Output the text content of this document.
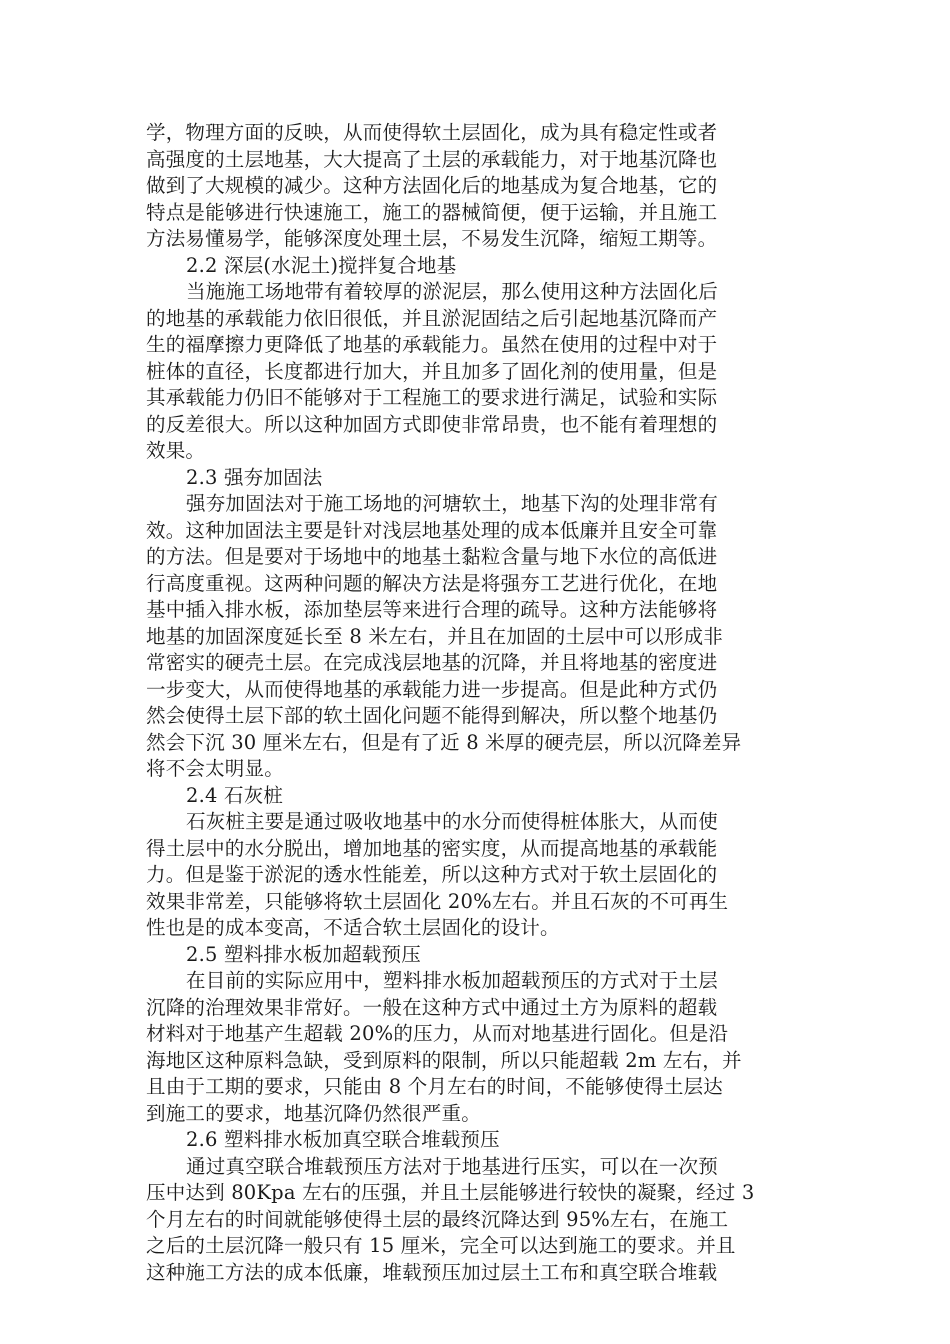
学，物理方面的反映，从而使得软土层固化，成为具有稳定性或者
高强度的土层地基，大大提高了土层的承载能力，对于地基沉降也
做到了大规模的减少。这种方法固化后的地基成为复合地基，它的
特点是能够进行快速施工，施工的器械简便，便于运输，并且施工
方法易懂易学，能够深度处理土层，不易发生沉降，缩短工期等。
2.2 深层(水泥土)搅拌复合地基
当施施工场地带有着较厚的淤泥层，那么使用这种方法固化后
的地基的承载能力依旧很低，并且淤泥固结之后引起地基沉降而产
生的福摩擦力更降低了地基的承载能力。虽然在使用的过程中对于
桩体的直径，长度都进行加大，并且加多了固化剂的使用量，但是
其承载能力仍旧不能够对于工程施工的要求进行满足，试验和实际
的反差很大。所以这种加固方式即使非常昂贵，也不能有着理想的
效果。
2.3 强夯加固法
强夯加固法对于施工场地的河塘软土，地基下沟的处理非常有
效。这种加固法主要是针对浅层地基处理的成本低廉并且安全可靠
的方法。但是要对于场地中的地基土黏粒含量与地下水位的高低进
行高度重视。这两种问题的解决方法是将强夯工艺进行优化，在地
基中插入排水板，添加垫层等来进行合理的疏导。这种方法能够将
地基的加固深度延长至 8 米左右，并且在加固的土层中可以形成非
常密实的硬壳土层。在完成浅层地基的沉降，并且将地基的密度进
一步变大，从而使得地基的承载能力进一步提高。但是此种方式仍
然会使得土层下部的软土固化问题不能得到解决，所以整个地基仍
然会下沉 30 厘米左右，但是有了近 8 米厚的硬壳层，所以沉降差异
将不会太明显。
2.4 石灰桩
石灰桩主要是通过吸收地基中的水分而使得桩体胀大，从而使
得土层中的水分脱出，增加地基的密实度，从而提高地基的承载能
力。但是鉴于淤泥的透水性能差，所以这种方式对于软土层固化的
效果非常差，只能够将软土层固化 20%左右。并且石灰的不可再生
性也是的成本变高，不适合软土层固化的设计。
2.5 塑料排水板加超载预压
在目前的实际应用中，塑料排水板加超载预压的方式对于土层
沉降的治理效果非常好。一般在这种方式中通过土方为原料的超载
材料对于地基产生超载 20%的压力，从而对地基进行固化。但是沿
海地区这种原料急缺，受到原料的限制，所以只能超载 2m 左右，并
且由于工期的要求，只能由 8 个月左右的时间，不能够使得土层达
到施工的要求，地基沉降仍然很严重。
2.6 塑料排水板加真空联合堆载预压
通过真空联合堆载预压方法对于地基进行压实，可以在一次预
压中达到 80Kpa 左右的压强，并且土层能够进行较快的凝聚，经过 3
个月左右的时间就能够使得土层的最终沉降达到 95%左右，在施工
之后的土层沉降一般只有 15 厘米，完全可以达到施工的要求。并且
这种施工方法的成本低廉，堆载预压加过层土工布和真空联合堆载
